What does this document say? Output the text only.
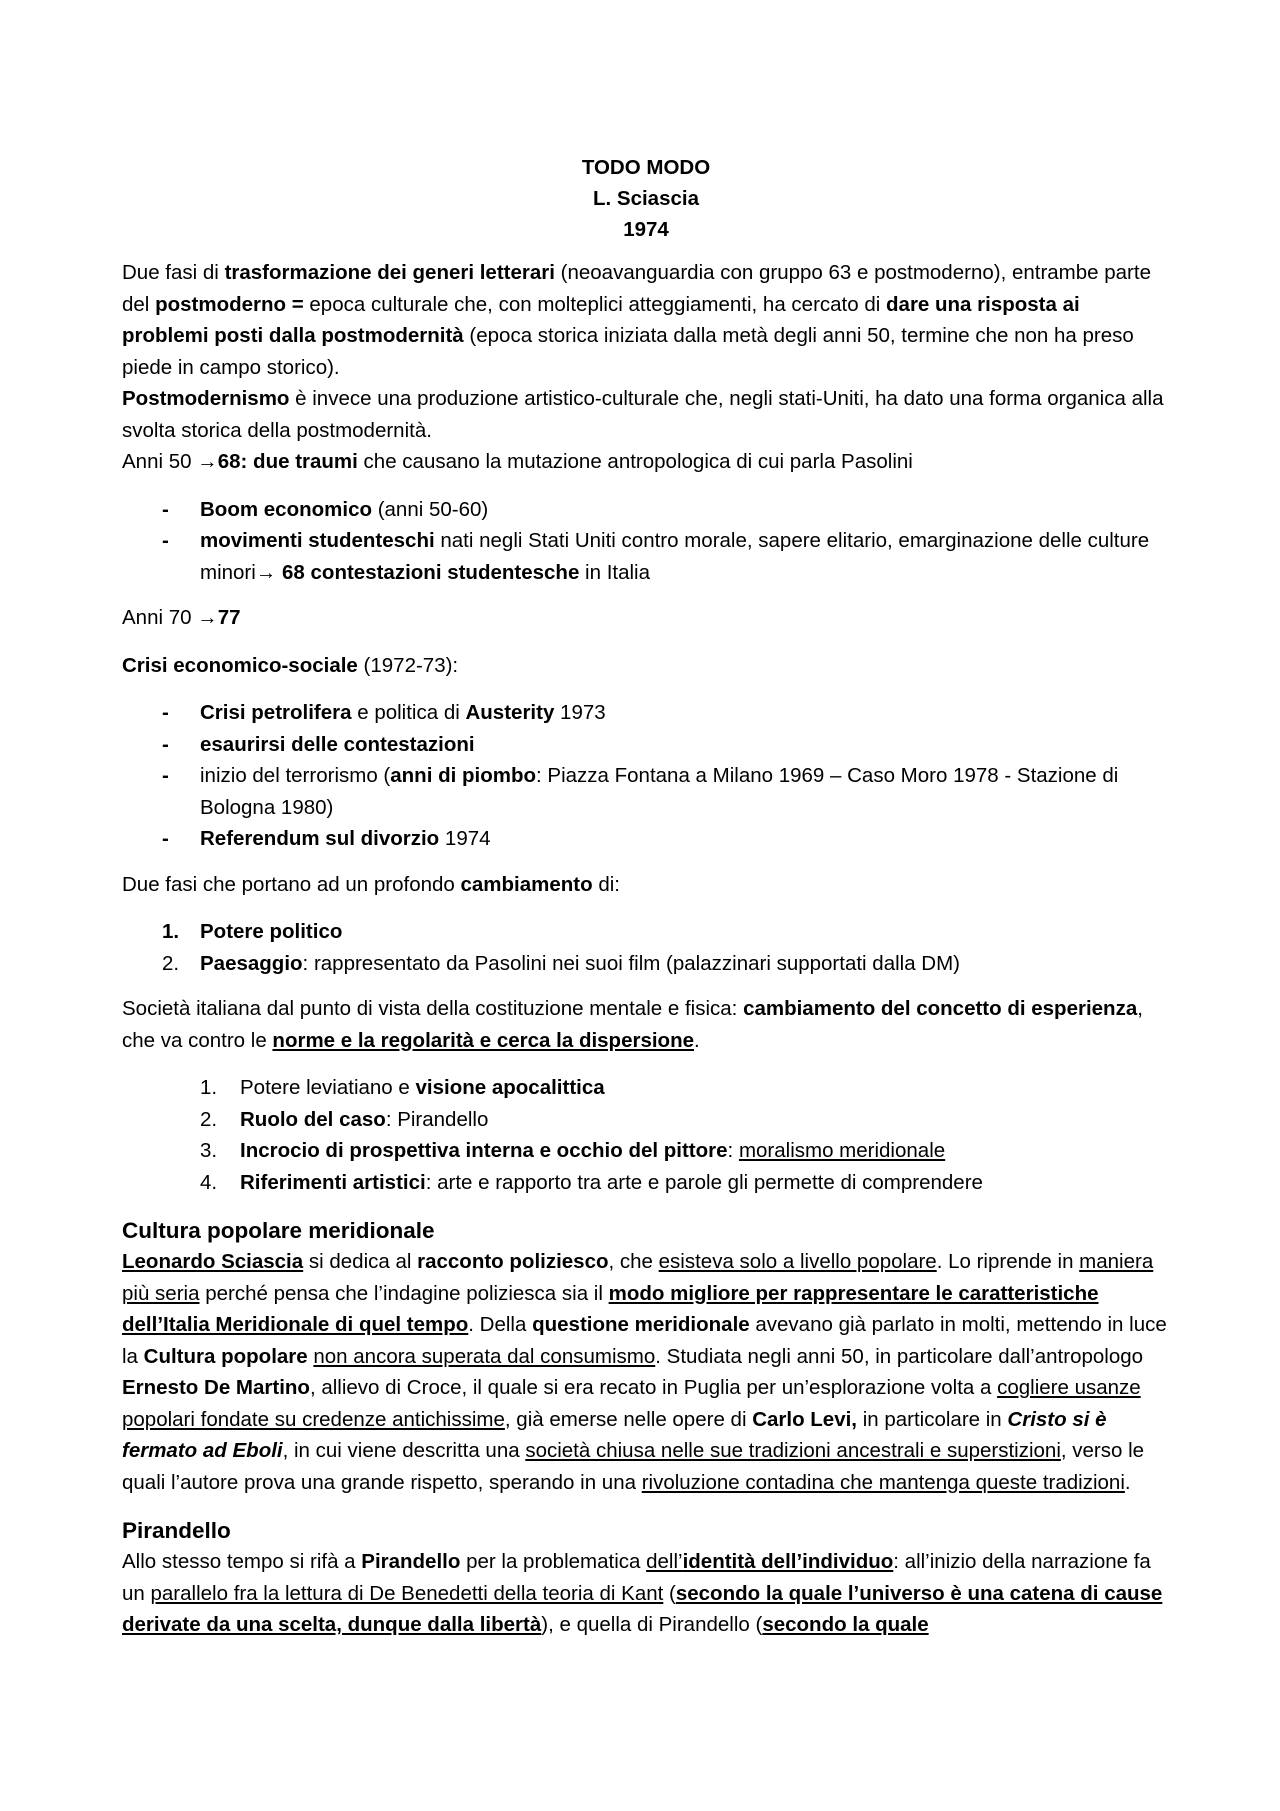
TODO MODO

L. Sciascia

1974

Due fasi di trasformazione dei generi letterari (neoavanguardia con gruppo 63 e postmoderno), entrambe parte del postmoderno = epoca culturale che, con molteplici atteggiamenti, ha cercato di dare una risposta ai problemi posti dalla postmodernità (epoca storica iniziata dalla metà degli anni 50, termine che non ha preso piede in campo storico).

Postmodernismo è invece una produzione artistico-culturale che, negli stati-Uniti, ha dato una forma organica alla svolta storica della postmodernità.

Anni 50 →68: due traumi che causano la mutazione antropologica di cui parla Pasolini

- Boom economico (anni 50-60)
- movimenti studenteschi nati negli Stati Uniti contro morale, sapere elitario, emarginazione delle culture minori→ 68 contestazioni studentesche in Italia

Anni 70 →77

Crisi economico-sociale (1972-73):

- Crisi petrolifera e politica di Austerity 1973
- esaurirsi delle contestazioni
- inizio del terrorismo (anni di piombo: Piazza Fontana a Milano 1969 – Caso Moro 1978 - Stazione di Bologna 1980)
- Referendum sul divorzio 1974

Due fasi che portano ad un profondo cambiamento di:

1. Potere politico
2. Paesaggio: rappresentato da Pasolini nei suoi film (palazzinari supportati dalla DM)

Società italiana dal punto di vista della costituzione mentale e fisica: cambiamento del concetto di esperienza, che va contro le norme e la regolarità e cerca la dispersione.

1. Potere leviatiano e visione apocalittica
2. Ruolo del caso: Pirandello
3. Incrocio di prospettiva interna e occhio del pittore: moralismo meridionale
4. Riferimenti artistici: arte e rapporto tra arte e parole gli permette di comprendere
Cultura popolare meridionale

Leonardo Sciascia si dedica al racconto poliziesco, che esisteva solo a livello popolare. Lo riprende in maniera più seria perché pensa che l’indagine poliziesca sia il modo migliore per rappresentare le caratteristiche dell’Italia Meridionale di quel tempo. Della questione meridionale avevano già parlato in molti, mettendo in luce la Cultura popolare non ancora superata dal consumismo. Studiata negli anni 50, in particolare dall’antropologo Ernesto De Martino, allievo di Croce, il quale si era recato in Puglia per un’esplorazione volta a cogliere usanze popolari fondate su credenze antichissime, già emerse nelle opere di Carlo Levi, in particolare in Cristo si è fermato ad Eboli, in cui viene descritta una società chiusa nelle sue tradizioni ancestrali e superstizioni, verso le quali l’autore prova una grande rispetto, sperando in una rivoluzione contadina che mantenga queste tradizioni.

Pirandello

Allo stesso tempo si rifà a Pirandello per la problematica dell’identità dell’individuo: all’inizio della narrazione fa un parallelo fra la lettura di De Benedetti della teoria di Kant (secondo la quale l’universo è una catena di cause derivate da una scelta, dunque dalla libertà), e quella di Pirandello (secondo la quale
